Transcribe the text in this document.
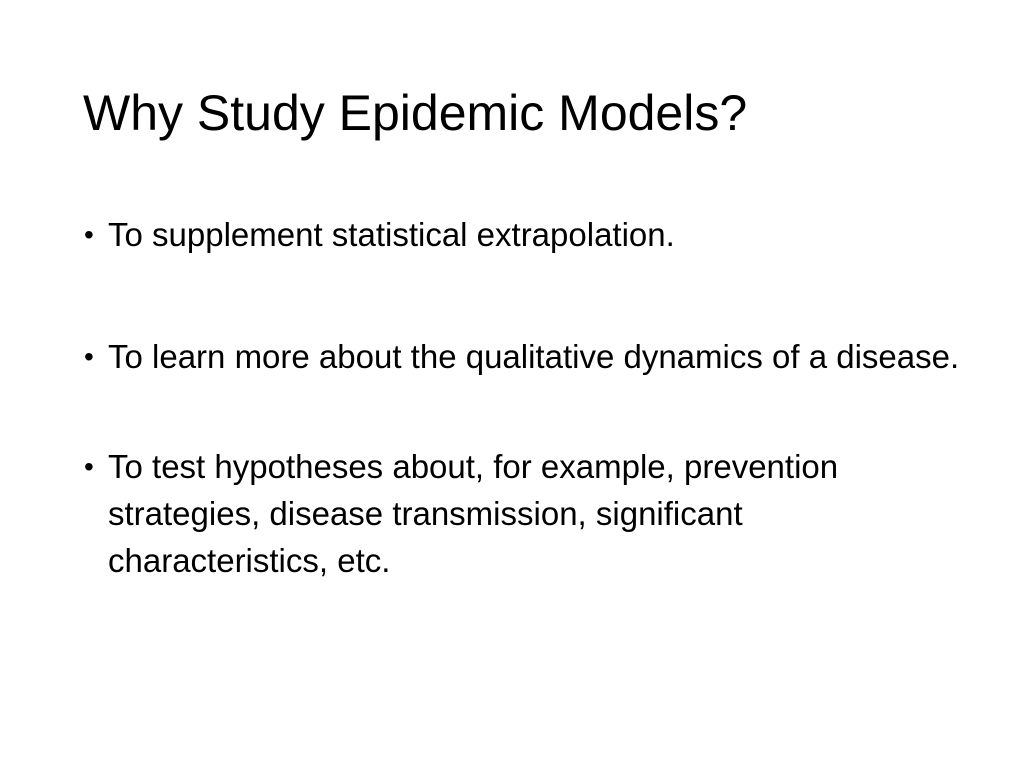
Why Study Epidemic Models?
• To supplement statistical extrapolation.
• To learn more about the qualitative dynamics of a disease.
• To test hypotheses about, for example, prevention strategies, disease transmission, significant characteristics, etc.
